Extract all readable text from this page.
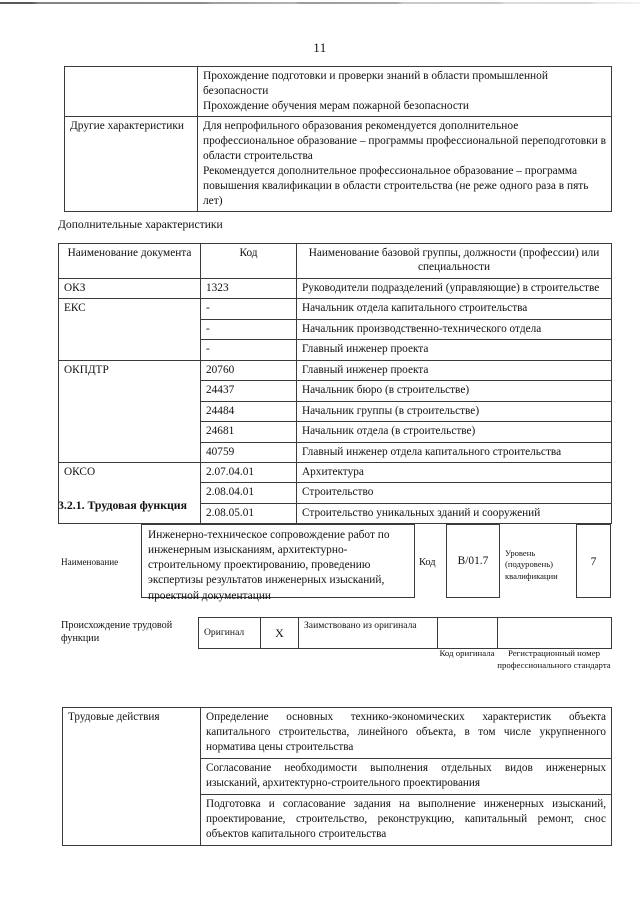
11

	Прохождение подготовки и проверки знаний в области промышленной безопасности

Прохождение обучения мерам пожарной безопасности

Другие характеристики	Для непрофильного образования рекомендуется дополнительное профессиональное образование – программы профессиональной переподготовки в области строительства

Рекомендуется дополнительное профессиональное образование – программа повышения квалификации в области строительства (не реже одного раза в пять лет)

Дополнительные характеристики
Наименование документа	Код	Наименование базовой группы, должности (профессии) или специальности
ОКЗ	1323	Руководители подразделений (управляющие) в строительстве
ЕКС	-	Начальник отдела капитального строительства
	-	Начальник производственно-технического отдела
	-	Главный инженер проекта
ОКПДТР	20760	Главный инженер проекта
	24437	Начальник бюро (в строительстве)
	24484	Начальник группы (в строительстве)
	24681	Начальник отдела (в строительстве)
	40759	Главный инженер отдела капитального строительства
ОКСО	2.07.04.01	Архитектура
	2.08.04.01	Строительство
	2.08.05.01	Строительство уникальных зданий и сооружений
3.2.1. Трудовая функция
Наименование
Инженерно-техническое сопровождение работ по инженерным изысканиям, архитектурно-строительному проектированию, проведению экспертизы результатов инженерных изысканий, проектной документации
Код	B/01.7
Уровень (подуровень) квалификации
7
Происхождение трудовой функции
Оригинал	X	Заимствовано из оригинала		
Код оригинала	Регистрационный номер профессионального стандарта
Трудовые действия	Определение основных технико-экономических характеристик объекта капитального строительства, линейного объекта, в том числе укрупненного норматива цены строительства
Согласование необходимости выполнения отдельных видов инженерных изысканий, архитектурно-строительного проектирования
Подготовка и согласование задания на выполнение инженерных изысканий, проектирование, строительство, реконструкцию, капитальный ремонт, снос объектов капитального строительства
